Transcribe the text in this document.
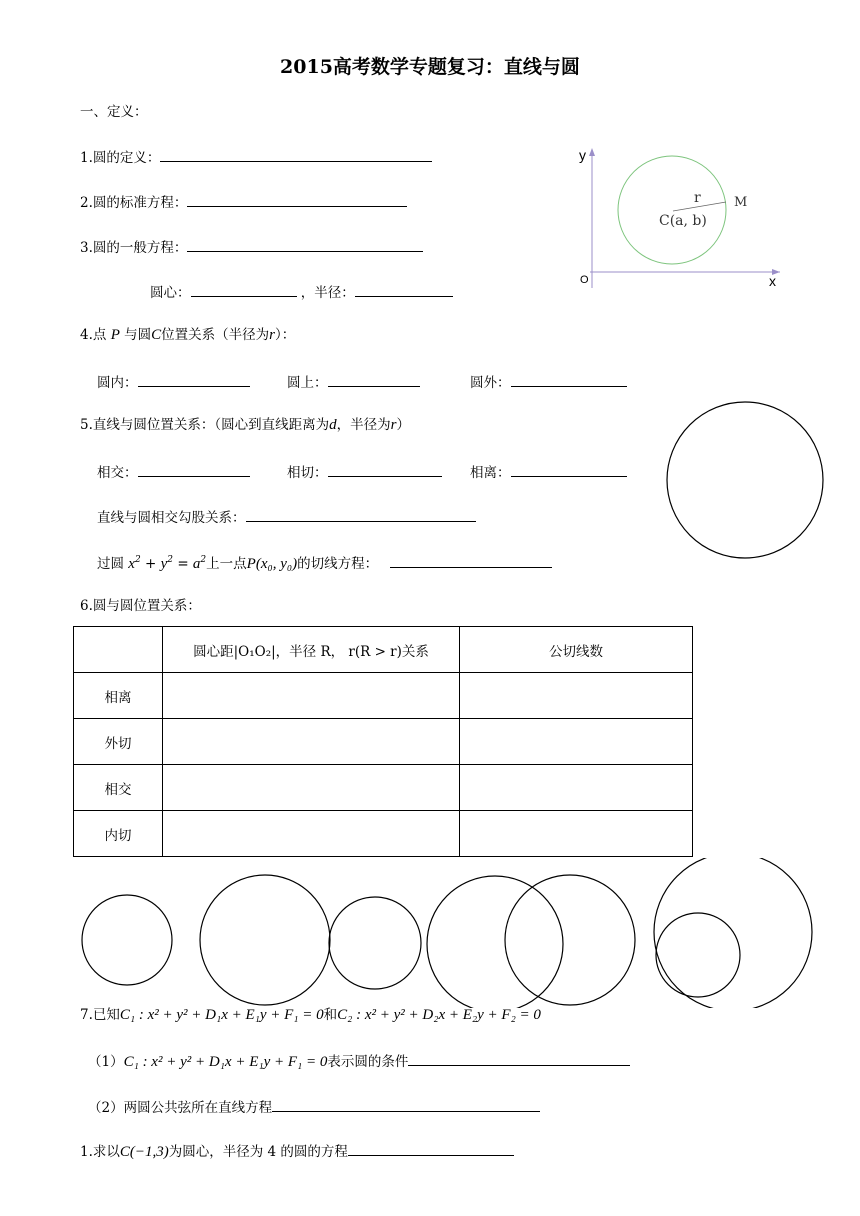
2015高考数学专题复习：直线与圆
一、定义：
1.圆的定义：
2.圆的标准方程：
3.圆的一般方程：
圆心：	，半径：
4.点 P 与圆C位置关系（半径为r）：
圆内：	圆上：	圆外：
5.直线与圆位置关系：（圆心到直线距离为d，半径为r）
相交：	相切：	相离：
直线与圆相交勾股关系：
过圆 $x^2 + y^2 = a^2$上一点P(x₀, y₀)的切线方程：
6.圆与圆位置关系：
	圆心距|O₁O₂|，半径 R， r(R > r)关系	公切线数
相离		
外切		
相交		
内切		
7.已知C₁ : x² + y² + D₁x + E₁y + F₁ = 0和C₂ : x² + y² + D₂x + E₂y + F₂ = 0
（1）C₁ : x² + y² + D₁x + E₁y + F₁ = 0表示圆的条件
（2）两圆公共弦所在直线方程
1.求以C(−1,3)为圆心，半径为 4 的圆的方程
y
x
O
r	M
C(a, b)
